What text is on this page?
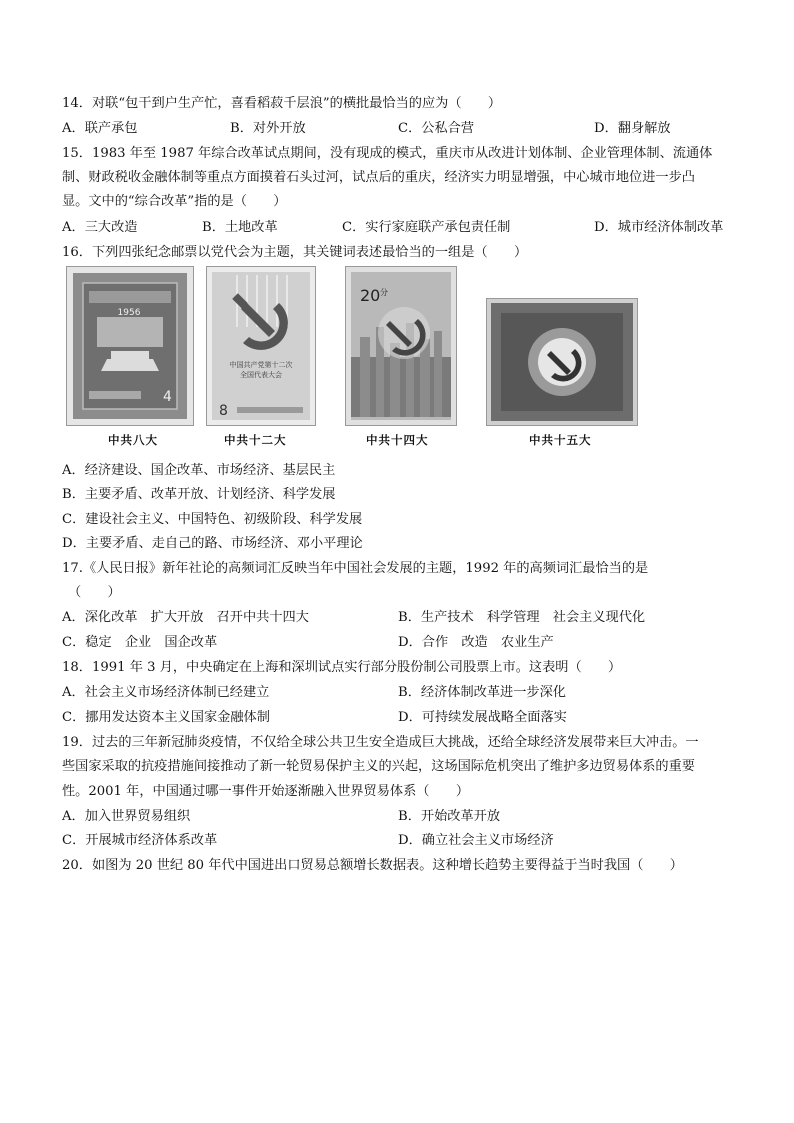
14．对联“包干到户生产忙，喜看稻菽千层浪”的横批最恰当的应为（　　）
A．联产承包	B．对外开放	C．公私合营	D．翻身解放
15．1983 年至 1987 年综合改革试点期间，没有现成的模式，重庆市从改进计划体制、企业管理体制、流通体
制、财政税收金融体制等重点方面摸着石头过河，试点后的重庆，经济实力明显增强，中心城市地位进一步凸
显。文中的“综合改革”指的是（　　）
A．三大改造	B．土地改革	C．实行家庭联产承包责任制	D．城市经济体制改革
16．下列四张纪念邮票以党代会为主题，其关键词表述最恰当的一组是（　　）
4
1956
中共八大
中国共产党第十二次
全国代表大会
8
中共十二大
20 分
中共十四大	中共十五大
A．经济建设、国企改革、市场经济、基层民主
B．主要矛盾、改革开放、计划经济、科学发展
C．建设社会主义、中国特色、初级阶段、科学发展
D．主要矛盾、走自己的路、市场经济、邓小平理论
17.《人民日报》新年社论的高频词汇反映当年中国社会发展的主题，1992 年的高频词汇最恰当的是
（　　）
A．深化改革　扩大开放　召开中共十四大	B．生产技术　科学管理　社会主义现代化
C．稳定　企业　国企改革	D．合作　改造　农业生产
18．1991 年 3 月，中央确定在上海和深圳试点实行部分股份制公司股票上市。这表明（　　）
A．社会主义市场经济体制已经建立	B．经济体制改革进一步深化
C．挪用发达资本主义国家金融体制	D．可持续发展战略全面落实
19．过去的三年新冠肺炎疫情，不仅给全球公共卫生安全造成巨大挑战，还给全球经济发展带来巨大冲击。一
些国家采取的抗疫措施间接推动了新一轮贸易保护主义的兴起，这场国际危机突出了维护多边贸易体系的重要
性。2001 年，中国通过哪一事件开始逐渐融入世界贸易体系（　　）
A．加入世界贸易组织	B．开始改革开放
C．开展城市经济体系改革	D．确立社会主义市场经济
20．如图为 20 世纪 80 年代中国进出口贸易总额增长数据表。这种增长趋势主要得益于当时我国（　　）
